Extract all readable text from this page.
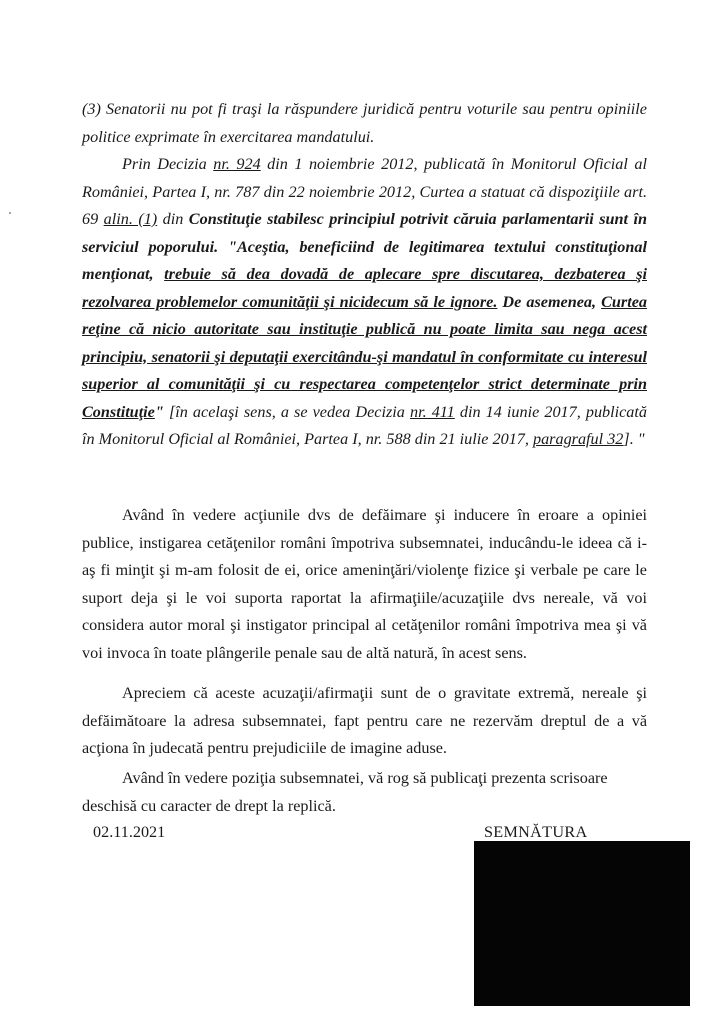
(3) Senatorii nu pot fi traşi la răspundere juridică pentru voturile sau pentru opiniile politice exprimate în exercitarea mandatului.

Prin Decizia nr. 924 din 1 noiembrie 2012, publicată în Monitorul Oficial al României, Partea I, nr. 787 din 22 noiembrie 2012, Curtea a statuat că dispoziţiile art. 69 alin. (1) din Constituţie stabilesc principiul potrivit căruia parlamentarii sunt în serviciul poporului. "Aceştia, beneficiind de legitimarea textului constituţional menţionat, trebuie să dea dovadă de aplecare spre discutarea, dezbaterea şi rezolvarea problemelor comunităţii şi nicidecum să le ignore. De asemenea, Curtea reţine că nicio autoritate sau instituţie publică nu poate limita sau nega acest principiu, senatorii şi deputaţii exercitându-şi mandatul în conformitate cu interesul superior al comunităţii şi cu respectarea competenţelor strict determinate prin Constituţie" [în acelaşi sens, a se vedea Decizia nr. 411 din 14 iunie 2017, publicată în Monitorul Oficial al României, Partea I, nr. 588 din 21 iulie 2017, paragraful 32]. "

Având în vedere acţiunile dvs de defăimare şi inducere în eroare a opiniei publice, instigarea cetăţenilor români împotriva subsemnatei, inducându-le ideea că i-aş fi minţit şi m-am folosit de ei, orice ameninţări/violenţe fizice şi verbale pe care le suport deja şi le voi suporta raportat la afirmaţiile/acuzaţiile dvs nereale, vă voi considera autor moral şi instigator principal al cetăţenilor români împotriva mea şi vă voi invoca în toate plângerile penale sau de altă natură, în acest sens.

Apreciem că aceste acuzaţii/afirmaţii sunt de o gravitate extremă, nereale şi defăimătoare la adresa subsemnatei, fapt pentru care ne rezervăm dreptul de a vă acţiona în judecată pentru prejudiciile de imagine aduse.

Având în vedere poziţia subsemnatei, vă rog să publicaţi prezenta scrisoare deschisă cu caracter de drept la replică.

02.11.2021	SEMNĂTURA
